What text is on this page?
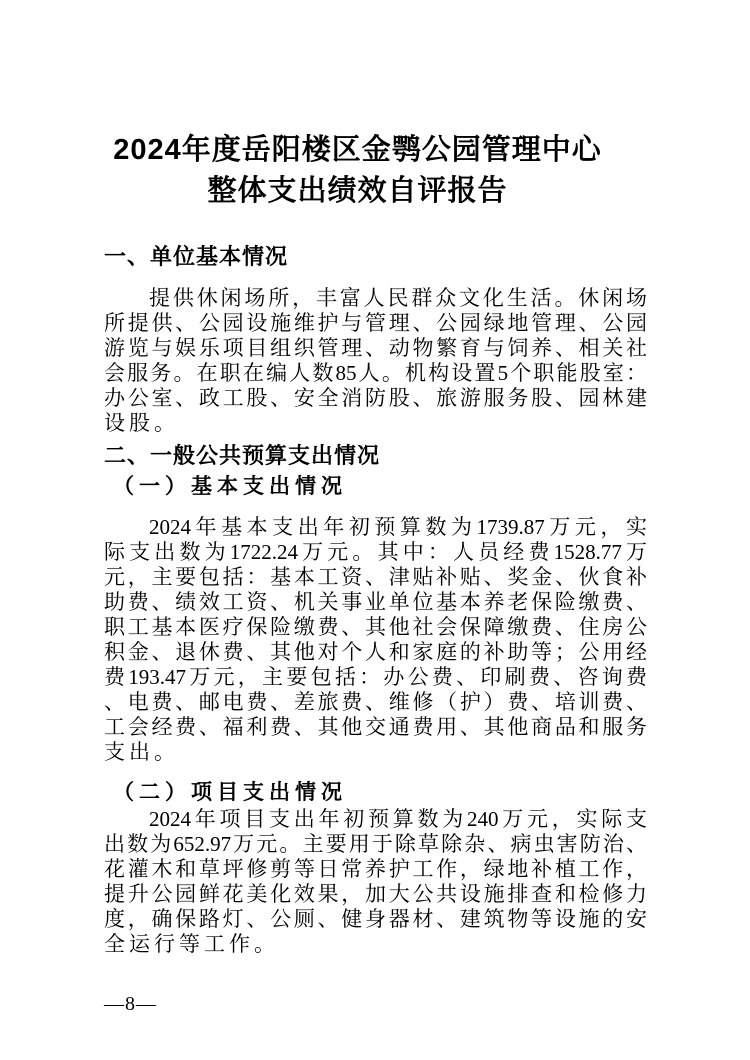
2024年度岳阳楼区金鹗公园管理中心
整体支出绩效自评报告
一、单位基本情况
提供休闲场所，丰富人民群众文化生活。休闲场
所提供、公园设施维护与管理、公园绿地管理、公园
游览与娱乐项目组织管理、动物繁育与饲养、相关社
会服务。在职在编人数85人。机构设置5个职能股室：
办公室、政工股、安全消防股、旅游服务股、园林建
设股。
二、一般公共预算支出情况
（一）基本支出情况
2024年基本支出年初预算数为1739.87万元，实
际支出数为1722.24万元。其中：人员经费1528.77万
元，主要包括：基本工资、津贴补贴、奖金、伙食补
助费、绩效工资、机关事业单位基本养老保险缴费、
职工基本医疗保险缴费、其他社会保障缴费、住房公
积金、退休费、其他对个人和家庭的补助等；公用经
费193.47万元，主要包括：办公费、印刷费、咨询费
、电费、邮电费、差旅费、维修（护）费、培训费、
工会经费、福利费、其他交通费用、其他商品和服务
支出。
（二）项目支出情况
2024年项目支出年初预算数为240万元，实际支
出数为652.97万元。主要用于除草除杂、病虫害防治、
花灌木和草坪修剪等日常养护工作，绿地补植工作，
提升公园鲜花美化效果，加大公共设施排查和检修力
度，确保路灯、公厕、健身器材、建筑物等设施的安
全运行等工作。
—8—
